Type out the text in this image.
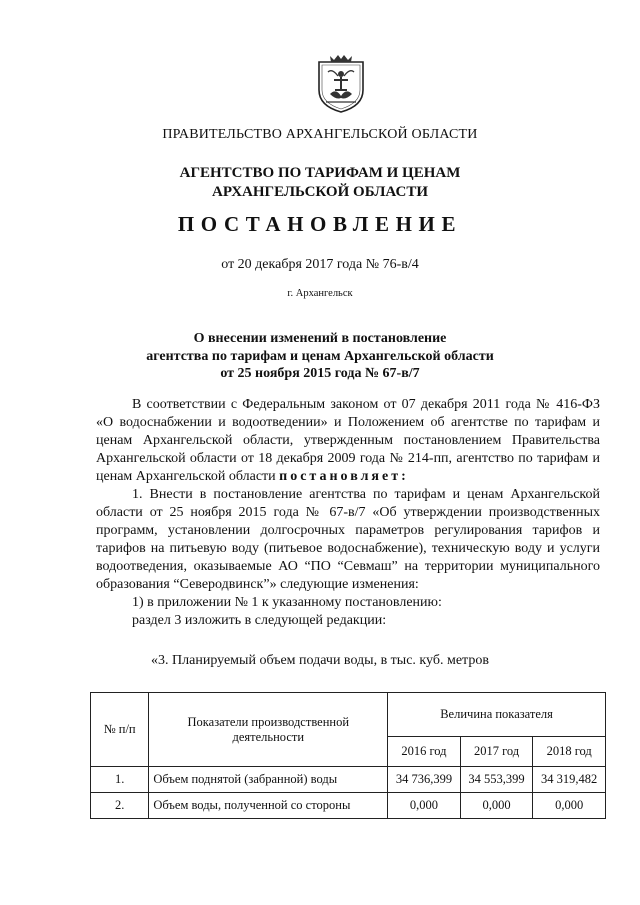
ПРАВИТЕЛЬСТВО АРХАНГЕЛЬСКОЙ ОБЛАСТИ
АГЕНТСТВО ПО ТАРИФАМ И ЦЕНАМ
АРХАНГЕЛЬСКОЙ ОБЛАСТИ
ПОСТАНОВЛЕНИЕ
от 20 декабря 2017 года № 76-в/4
г. Архангельск
О внесении изменений в постановление
агентства по тарифам и ценам Архангельской области
от 25 ноября 2015 года № 67-в/7

В соответствии с Федеральным законом от 07 декабря 2011 года № 416-ФЗ «О водоснабжении и водоотведении» и Положением об агентстве по тарифам и ценам Архангельской области, утвержденным постановлением Правительства Архангельской области от 18 декабря 2009 года № 214-пп, агентство по тарифам и ценам Архангельской области постановляет:

1. Внести в постановление агентства по тарифам и ценам Архангельской области от 25 ноября 2015 года № 67-в/7 «Об утверждении производственных программ, установлении долгосрочных параметров регулирования тарифов и тарифов на питьевую воду (питьевое водоснабжение), техническую воду и услуги водоотведения, оказываемые АО “ПО “Севмаш” на территории муниципального образования “Северодвинск”» следующие изменения:

1) в приложении № 1 к указанному постановлению:

раздел 3 изложить в следующей редакции:

«3. Планируемый объем подачи воды, в тыс. куб. метров
№ п/п	Показатели производственной деятельности	Величина показателя		
		2016 год	2017 год	2018 год
1.	Объем поднятой (забранной) воды	34 736,399	34 553,399	34 319,482
2.	Объем воды, полученной со стороны	0,000	0,000	0,000
